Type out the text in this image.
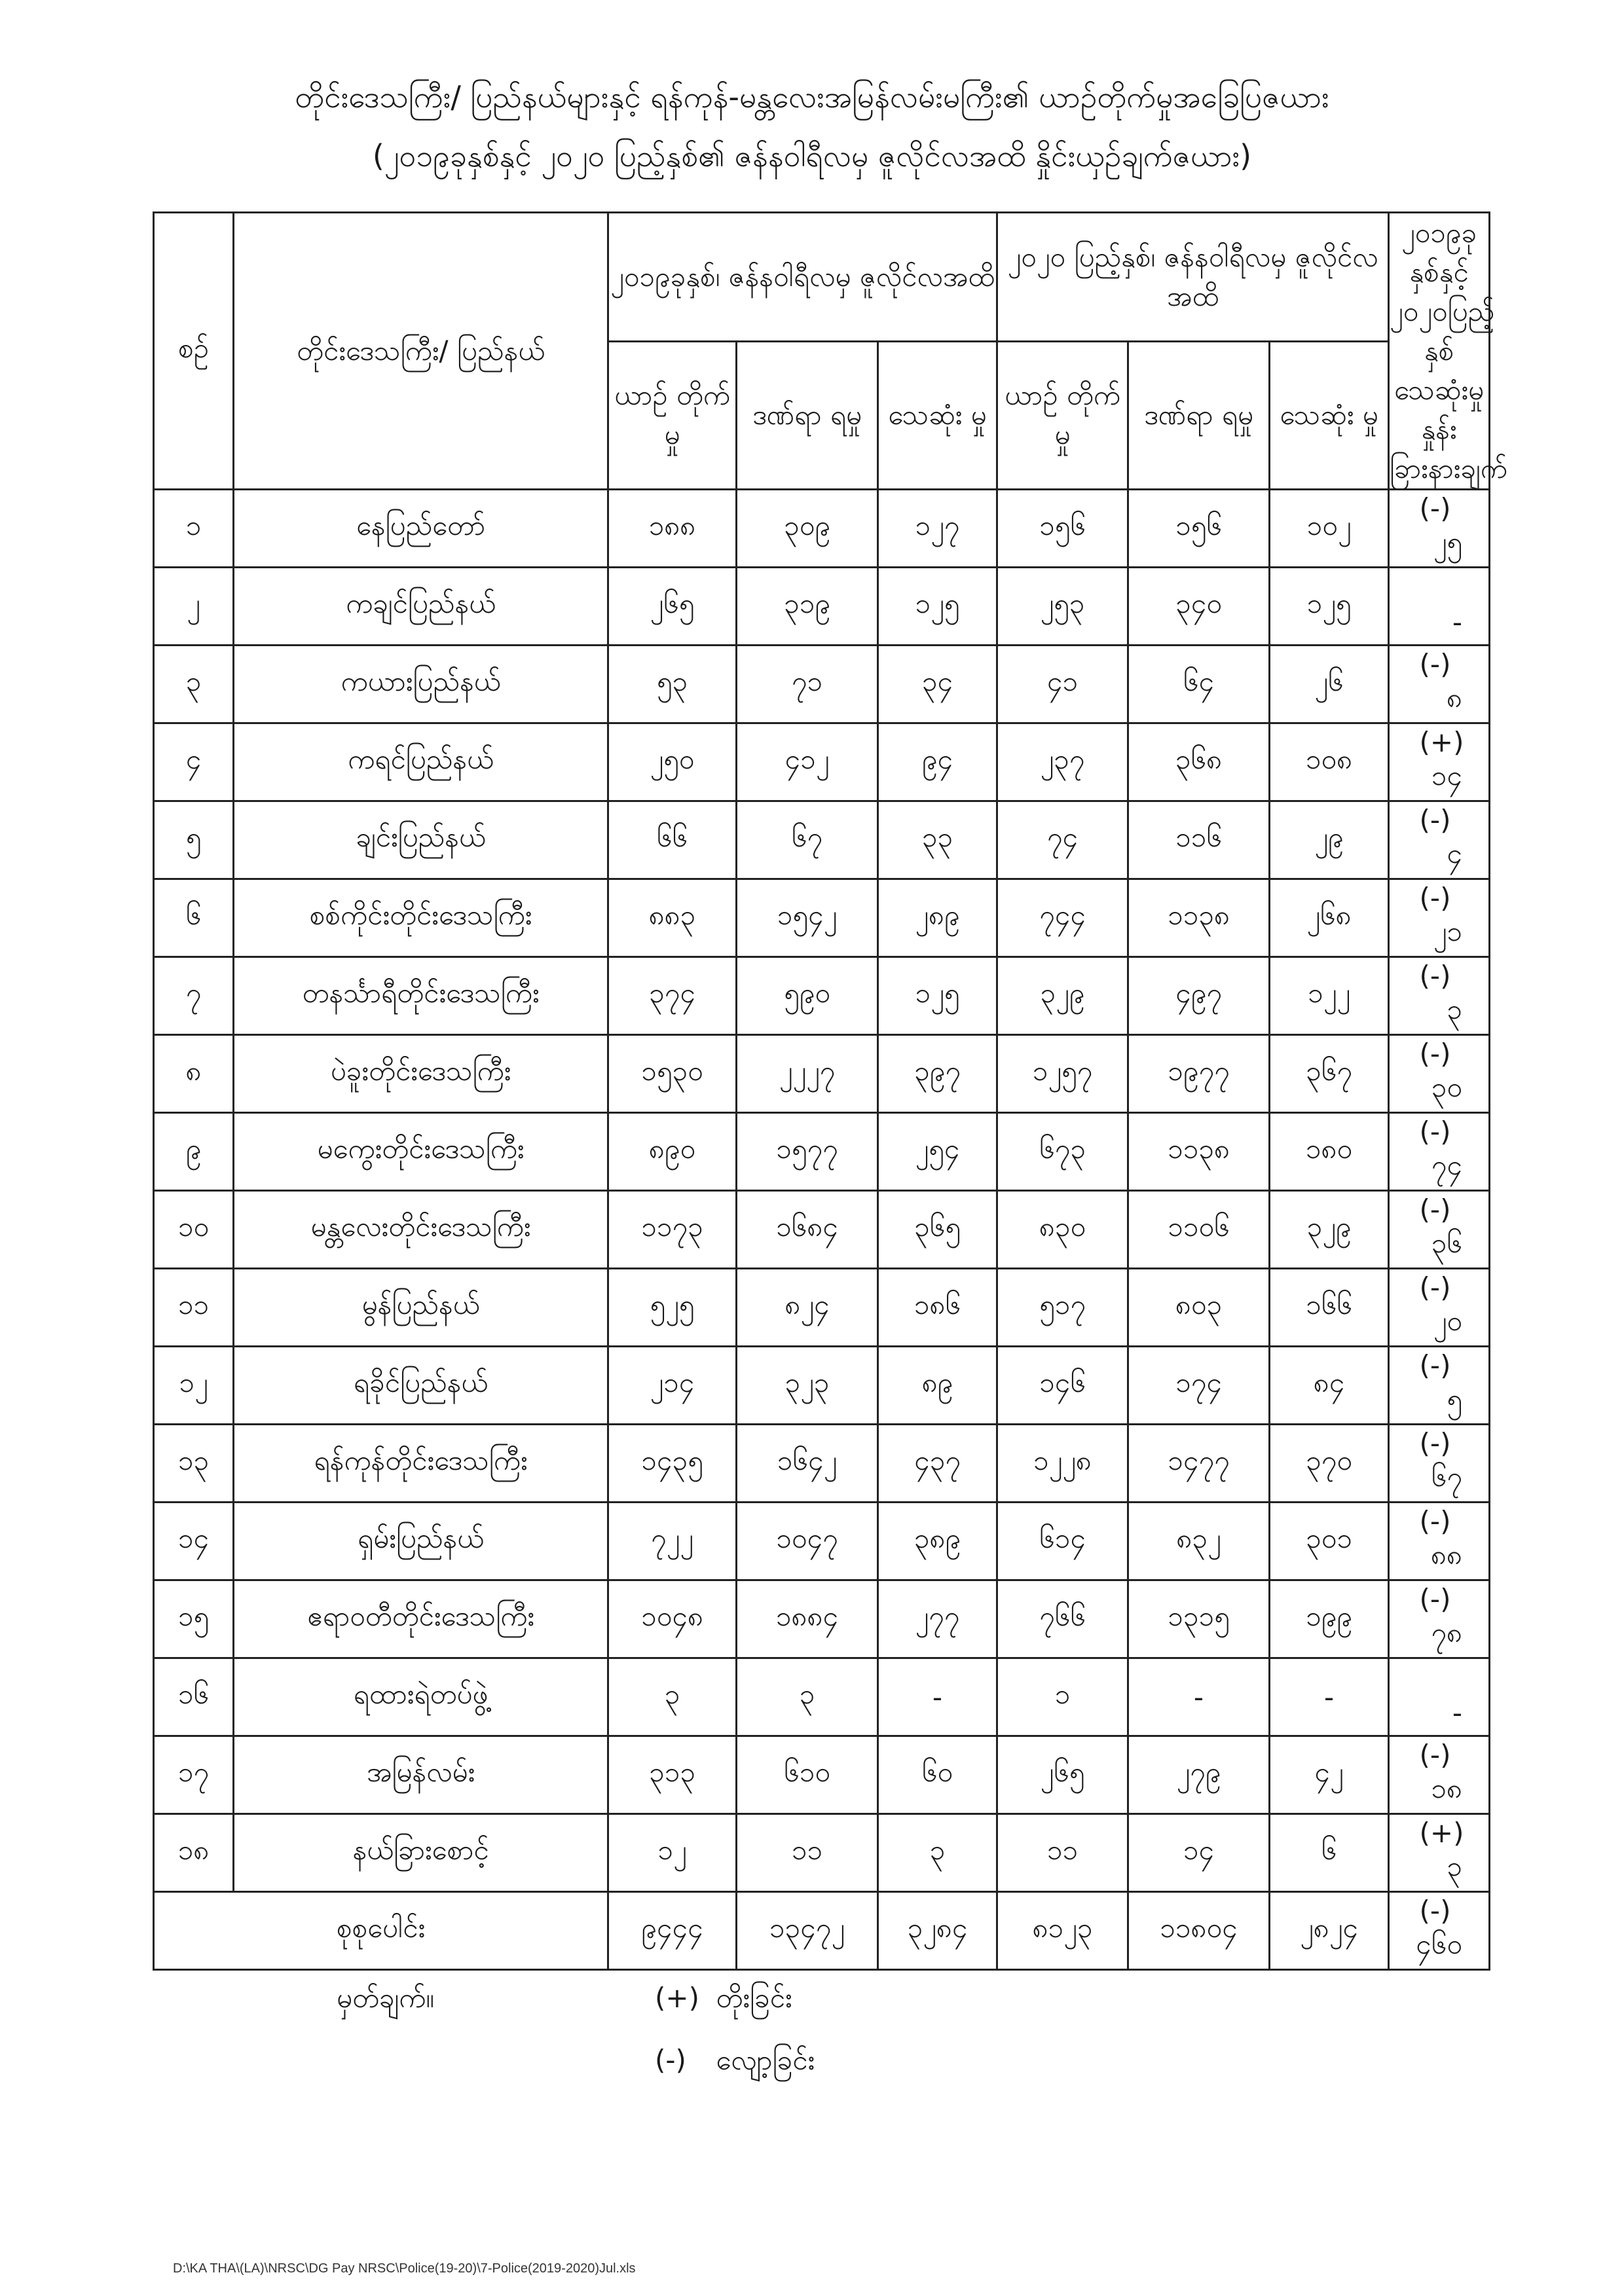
တိုင်းဒေသကြီး/ ပြည်နယ်များနှင့် ရန်ကုန်-မန္တလေးအမြန်လမ်းမကြီး၏ ယာဉ်တိုက်မှုအခြေပြဇယား
(၂၀၁၉ခုနှစ်နှင့် ၂၀၂၀ ပြည့်နှစ်၏ ဇန်နဝါရီလမှ ဇူလိုင်လအထိ နှိုင်းယှဉ်ချက်ဇယား)
စဉ်	တိုင်းဒေသကြီး/ ပြည်နယ်	၂၀၁၉ခုနှစ်၊ ဇန်နဝါရီလမှ ဇူလိုင်လအထိ			၂၀၂၀ ပြည့်နှစ်၊ ဇန်နဝါရီလမှ ဇူလိုင်လအထိ			၂၀၁၉ခုနှစ်နှင့် ၂၀၂၀ပြည့်နှစ် သေဆုံးမှုနှုန်း ခြားနားချက်
		ယာဉ် တိုက်မှု	ဒဏ်ရာ ရမှု	သေဆုံး မှု	ယာဉ် တိုက်မှု	ဒဏ်ရာ ရမှု	သေဆုံး မှု	
၁	နေပြည်တော်	၁၈၈	၃၀၉	၁၂၇	၁၅၆	၁၅၆	၁၀၂	(-)
၂၅

၂	ကချင်ပြည်နယ်	၂၆၅	၃၁၉	၁၂၅	၂၅၃	၃၄၀	၁၂၅	-

၃	ကယားပြည်နယ်	၅၃	၇၁	၃၄	၄၁	၆၄	၂၆	(-)
၈

၄	ကရင်ပြည်နယ်	၂၅၀	၄၁၂	၉၄	၂၃၇	၃၆၈	၁၀၈	(+)
၁၄

၅	ချင်းပြည်နယ်	၆၆	၆၇	၃၃	၇၄	၁၁၆	၂၉	(-)
၄

၆	စစ်ကိုင်းတိုင်းဒေသကြီး	၈၈၃	၁၅၄၂	၂၈၉	၇၄၄	၁၁၃၈	၂၆၈	(-)
၂၁

၇	တနင်္သာရီတိုင်းဒေသကြီး	၃၇၄	၅၉၀	၁၂၅	၃၂၉	၄၉၇	၁၂၂	(-)
၃

၈	ပဲခူးတိုင်းဒေသကြီး	၁၅၃၀	၂၂၂၇	၃၉၇	၁၂၅၇	၁၉၇၇	၃၆၇	(-)
၃၀

၉	မကွေးတိုင်းဒေသကြီး	၈၉၀	၁၅၇၇	၂၅၄	၆၇၃	၁၁၃၈	၁၈၀	(-)
၇၄

၁၀	မန္တလေးတိုင်းဒေသကြီး	၁၁၇၃	၁၆၈၄	၃၆၅	၈၃၀	၁၁၀၆	၃၂၉	(-)
၃၆

၁၁	မွန်ပြည်နယ်	၅၂၅	၈၂၄	၁၈၆	၅၁၇	၈၀၃	၁၆၆	(-)
၂၀

၁၂	ရခိုင်ပြည်နယ်	၂၁၄	၃၂၃	၈၉	၁၄၆	၁၇၄	၈၄	(-)
၅

၁၃	ရန်ကုန်တိုင်းဒေသကြီး	၁၄၃၅	၁၆၄၂	၄၃၇	၁၂၂၈	၁၄၇၇	၃၇၀	(-)
၆၇

၁၄	ရှမ်းပြည်နယ်	၇၂၂	၁၀၄၇	၃၈၉	၆၁၄	၈၃၂	၃၀၁	(-)
၈၈

၁၅	ဧရာဝတီတိုင်းဒေသကြီး	၁၀၄၈	၁၈၈၄	၂၇၇	၇၆၆	၁၃၁၅	၁၉၉	(-)
၇၈

၁၆	ရထားရဲတပ်ဖွဲ့	၃	၃	-	၁	-	-	-

၁၇	အမြန်လမ်း	၃၁၃	၆၁၀	၆၀	၂၆၅	၂၇၉	၄၂	(-)
၁၈

၁၈	နယ်ခြားစောင့်	၁၂	၁၁	၃	၁၁	၁၄	၆	(+)
၃

စုစုပေါင်း		၉၄၄၄	၁၃၄၇၂	၃၂၈၄	၈၁၂၃	၁၁၈၀၄	၂၈၂၄	(-)
၄၆၀
မှတ်ချက်။	(+) တိုးခြင်း
(-) လျော့ခြင်း
D:\KA THA\(LA)\NRSC\DG Pay NRSC\Police(19-20)\7-Police(2019-2020)Jul.xls
